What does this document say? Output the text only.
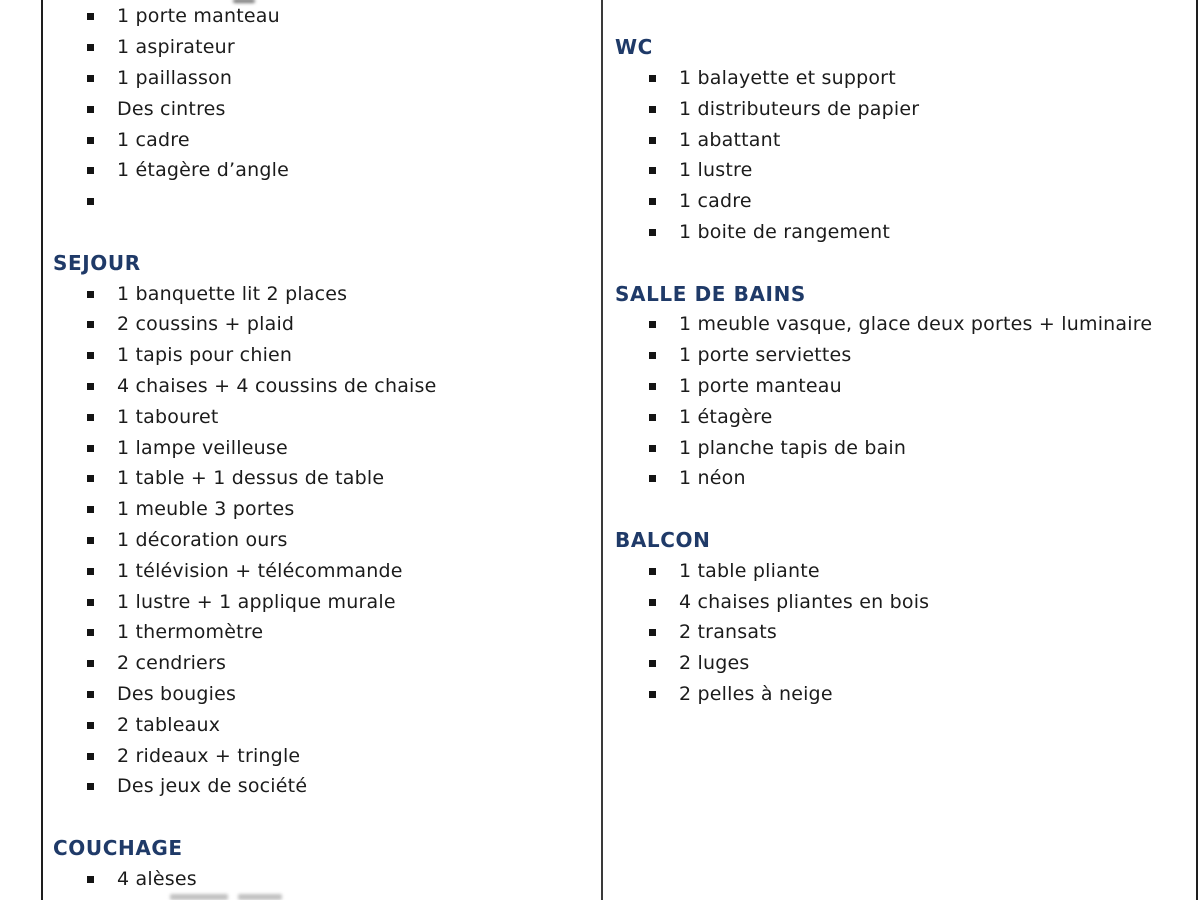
1 porte manteau
1 aspirateur
1 paillasson
Des cintres
1 cadre
1 étagère d’angle
SEJOUR
1 banquette lit 2 places
2 coussins + plaid
1 tapis pour chien
4 chaises + 4 coussins de chaise
1 tabouret
1 lampe veilleuse
1 table + 1 dessus de table
1 meuble 3 portes
1 décoration ours
1 télévision + télécommande
1 lustre + 1 applique murale
1 thermomètre
2 cendriers
Des bougies
2 tableaux
2 rideaux + tringle
Des jeux de société
COUCHAGE
4 alèses
WC
1 balayette et support
1 distributeurs de papier
1 abattant
1 lustre
1 cadre
1 boite de rangement
SALLE DE BAINS
1 meuble vasque, glace deux portes + luminaire
1 porte serviettes
1 porte manteau
1 étagère
1 planche tapis de bain
1 néon
BALCON
1 table pliante
4 chaises pliantes en bois
2 transats
2 luges
2 pelles à neige
